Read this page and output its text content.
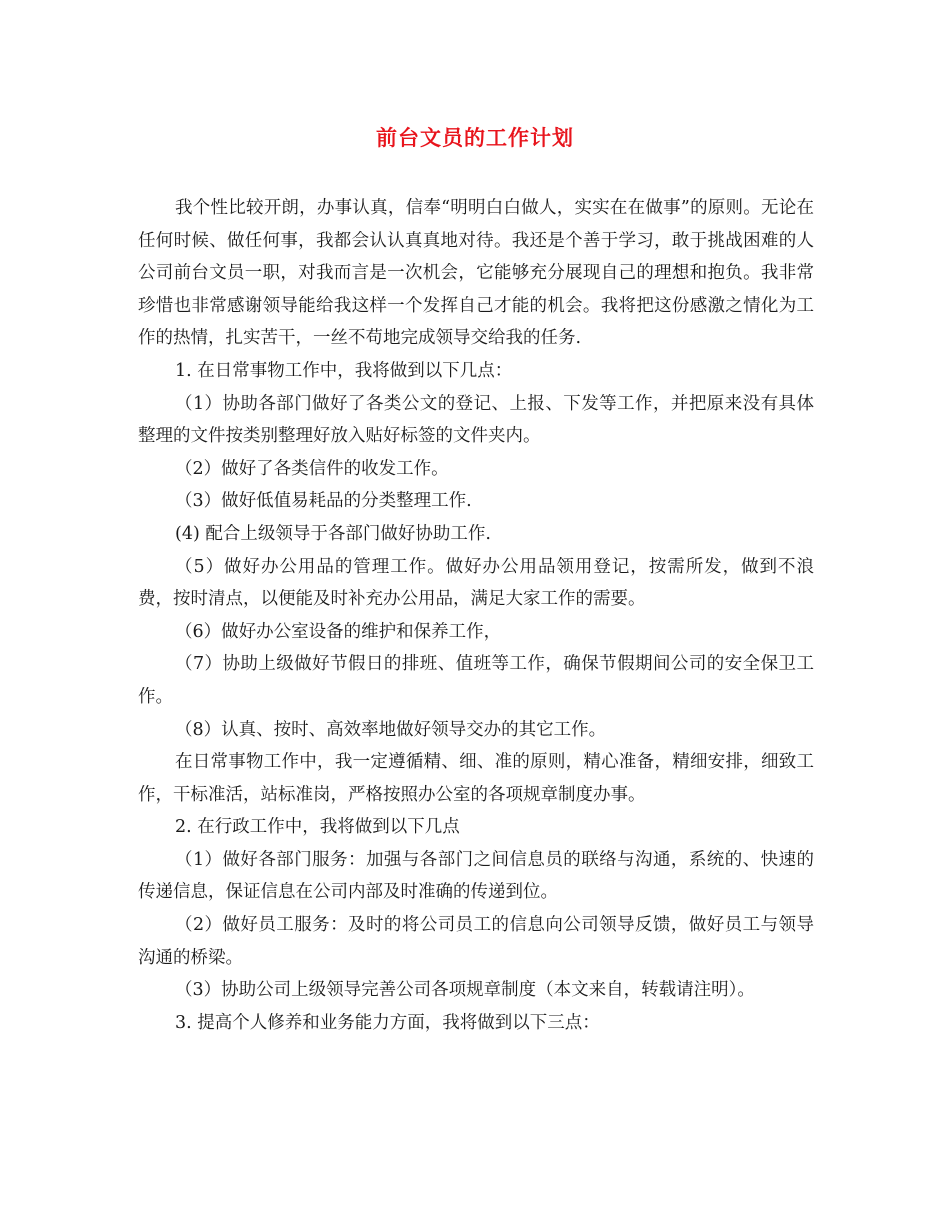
前台文员的工作计划

我个性比较开朗，办事认真，信奉“明明白白做人，实实在在做事”的原则。无论在任何时候、做任何事，我都会认认真真地对待。我还是个善于学习，敢于挑战困难的人公司前台文员一职，对我而言是一次机会，它能够充分展现自己的理想和抱负。我非常珍惜也非常感谢领导能给我这样一个发挥自己才能的机会。我将把这份感激之情化为工作的热情，扎实苦干，一丝不苟地完成领导交给我的任务.

1. 在日常事物工作中，我将做到以下几点：

（1）协助各部门做好了各类公文的登记、上报、下发等工作，并把原来没有具体整理的文件按类别整理好放入贴好标签的文件夹内。

（2）做好了各类信件的收发工作。

（3）做好低值易耗品的分类整理工作.

(4) 配合上级领导于各部门做好协助工作.

（5）做好办公用品的管理工作。做好办公用品领用登记，按需所发，做到不浪费，按时清点，以便能及时补充办公用品，满足大家工作的需要。

（6）做好办公室设备的维护和保养工作，

（7）协助上级做好节假日的排班、值班等工作，确保节假期间公司的安全保卫工作。

（8）认真、按时、高效率地做好领导交办的其它工作。

在日常事物工作中，我一定遵循精、细、准的原则，精心准备，精细安排，细致工作，干标准活，站标准岗，严格按照办公室的各项规章制度办事。

2. 在行政工作中，我将做到以下几点

（1）做好各部门服务：加强与各部门之间信息员的联络与沟通，系统的、快速的传递信息，保证信息在公司内部及时准确的传递到位。

（2）做好员工服务：及时的将公司员工的信息向公司领导反馈，做好员工与领导沟通的桥梁。

（3）协助公司上级领导完善公司各项规章制度（本文来自，转载请注明）。

3. 提高个人修养和业务能力方面，我将做到以下三点：
